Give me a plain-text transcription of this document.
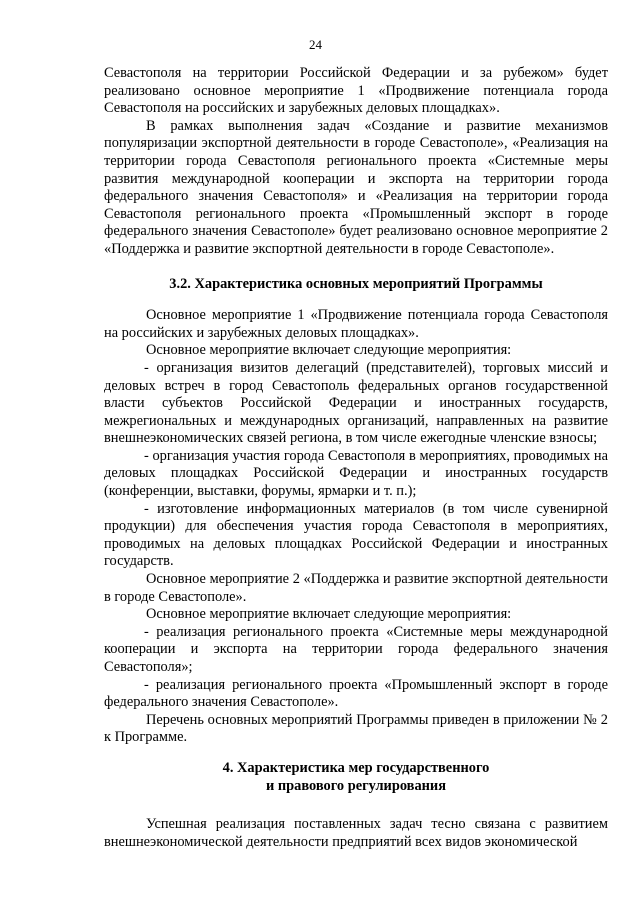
24

Севастополя на территории Российской Федерации и за рубежом» будет реализовано основное мероприятие 1 «Продвижение потенциала города Севастополя на российских и зарубежных деловых площадках».

В рамках выполнения задач «Создание и развитие механизмов популяризации экспортной деятельности в городе Севастополе», «Реализация на территории города Севастополя регионального проекта «Системные меры развития международной кооперации и экспорта на территории города федерального значения Севастополя» и «Реализация на территории города Севастополя регионального проекта «Промышленный экспорт в городе федерального значения Севастополе» будет реализовано основное мероприятие 2 «Поддержка и развитие экспортной деятельности в городе Севастополе».

3.2. Характеристика основных мероприятий Программы

Основное мероприятие 1 «Продвижение потенциала города Севастополя на российских и зарубежных деловых площадках».

Основное мероприятие включает следующие мероприятия:

- организация визитов делегаций (представителей), торговых миссий и деловых встреч в город Севастополь федеральных органов государственной власти субъектов Российской Федерации и иностранных государств, межрегиональных и международных организаций, направленных на развитие внешнеэкономических связей региона, в том числе ежегодные членские взносы;

- организация участия города Севастополя в мероприятиях, проводимых на деловых площадках Российской Федерации и иностранных государств (конференции, выставки, форумы, ярмарки и т. п.);

- изготовление информационных материалов (в том числе сувенирной продукции) для обеспечения участия города Севастополя в мероприятиях, проводимых на деловых площадках Российской Федерации и иностранных государств.

Основное мероприятие 2 «Поддержка и развитие экспортной деятельности в городе Севастополе».

Основное мероприятие включает следующие мероприятия:

- реализация регионального проекта «Системные меры международной кооперации и экспорта на территории города федерального значения Севастополя»;

- реализация регионального проекта «Промышленный экспорт в городе федерального значения Севастополе».

Перечень основных мероприятий Программы приведен в приложении № 2 к Программе.

4. Характеристика мер государственного
и правового регулирования

Успешная реализация поставленных задач тесно связана с развитием внешнеэкономической деятельности предприятий всех видов экономической
